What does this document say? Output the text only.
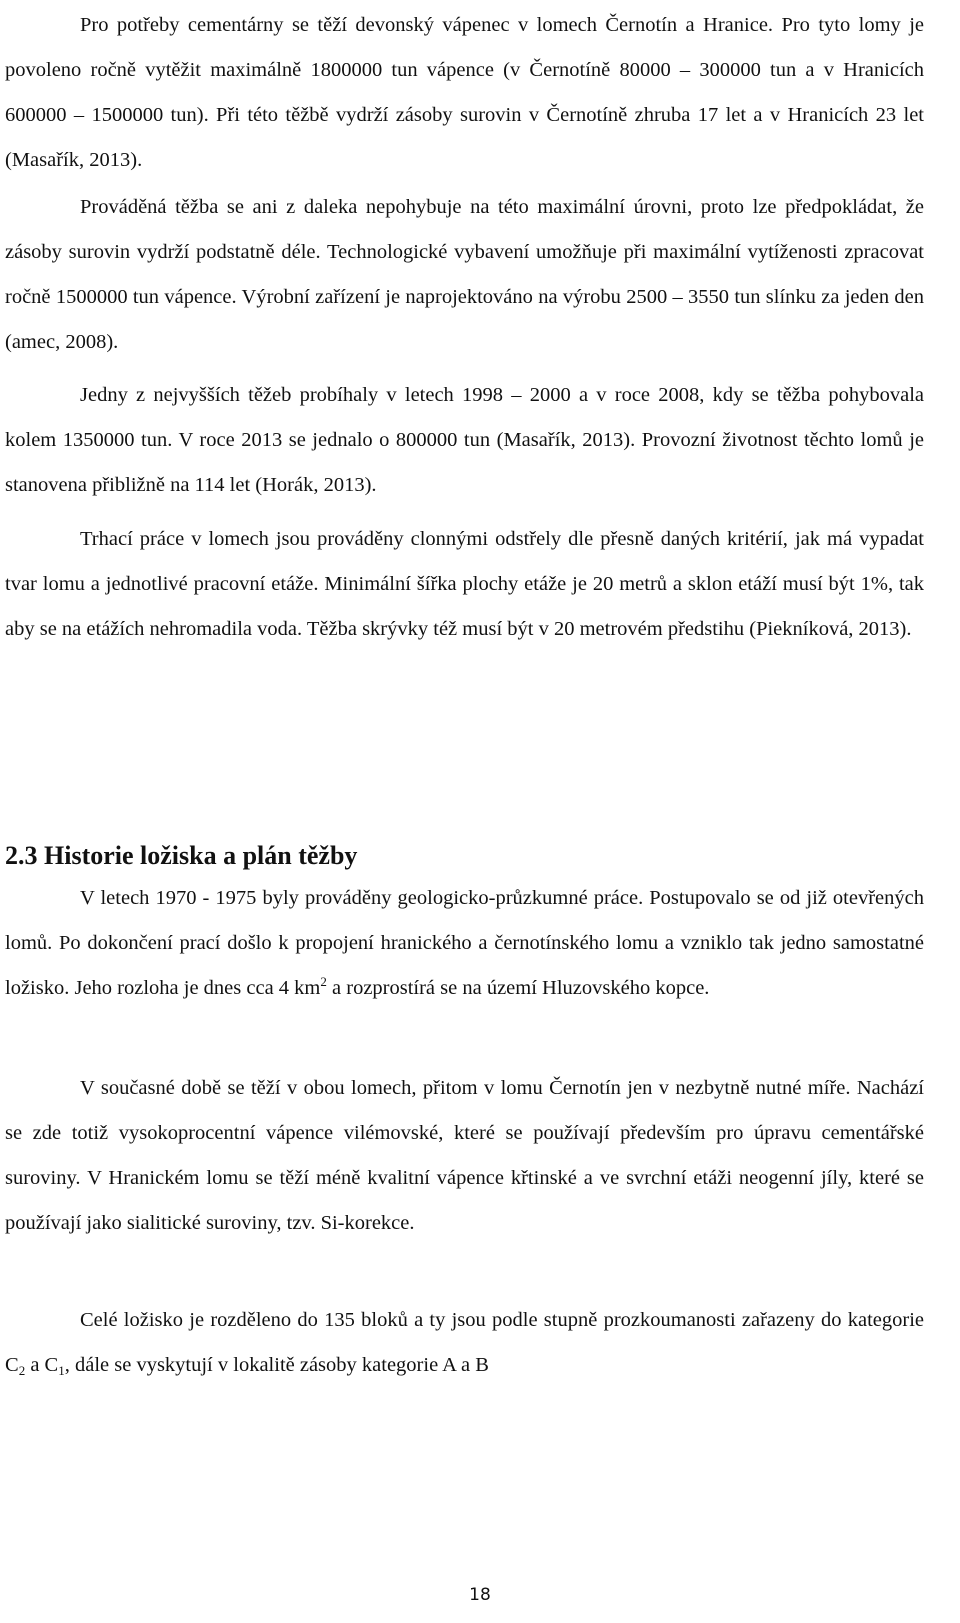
Pro potřeby cementárny se těží devonský vápenec v lomech Černotín a Hranice. Pro tyto lomy je povoleno ročně vytěžit maximálně 1800000 tun vápence (v Černotíně 80000 – 300000 tun a v Hranicích 600000 – 1500000 tun). Při této těžbě vydrží zásoby surovin v Černotíně zhruba 17 let a v Hranicích 23 let (Masařík, 2013).
Prováděná těžba se ani z daleka nepohybuje na této maximální úrovni, proto lze předpokládat, že zásoby surovin vydrží podstatně déle. Technologické vybavení umožňuje při maximální vytíženosti zpracovat ročně 1500000 tun vápence. Výrobní zařízení je naprojektováno na výrobu 2500 – 3550 tun slínku za jeden den (amec, 2008).
Jedny z nejvyšších těžeb probíhaly v letech 1998 – 2000 a v roce 2008, kdy se těžba pohybovala kolem 1350000 tun. V roce 2013 se jednalo o 800000 tun (Masařík, 2013). Provozní životnost těchto lomů je stanovena přibližně na 114 let (Horák, 2013).
Trhací práce v lomech jsou prováděny clonnými odstřely dle přesně daných kritérií, jak má vypadat tvar lomu a jednotlivé pracovní etáže. Minimální šířka plochy etáže je 20 metrů a sklon etáží musí být 1%, tak aby se na etážích nehromadila voda. Těžba skrývky též musí být v 20 metrovém předstihu (Piekníková, 2013).
2.3 Historie ložiska a plán těžby
V letech 1970 - 1975 byly prováděny geologicko-průzkumné práce. Postupovalo se od již otevřených lomů. Po dokončení prací došlo k propojení hranického a černotínského lomu a vzniklo tak jedno samostatné ložisko. Jeho rozloha je dnes cca 4 $km^2$ a rozprostírá se na území Hluzovského kopce.
V současné době se těží v obou lomech, přitom v lomu Černotín jen v nezbytně nutné míře. Nachází se zde totiž vysokoprocentní vápence vilémovské, které se používají především pro úpravu cementářské suroviny. V Hranickém lomu se těží méně kvalitní vápence křtinské a ve svrchní etáži neogenní jíly, které se používají jako sialitické suroviny, tzv. Si-korekce.
Celé ložisko je rozděleno do 135 bloků a ty jsou podle stupně prozkoumanosti zařazeny do kategorie $C_2$ a $C_1$, dále se vyskytují v lokalitě zásoby kategorie A a B
18
